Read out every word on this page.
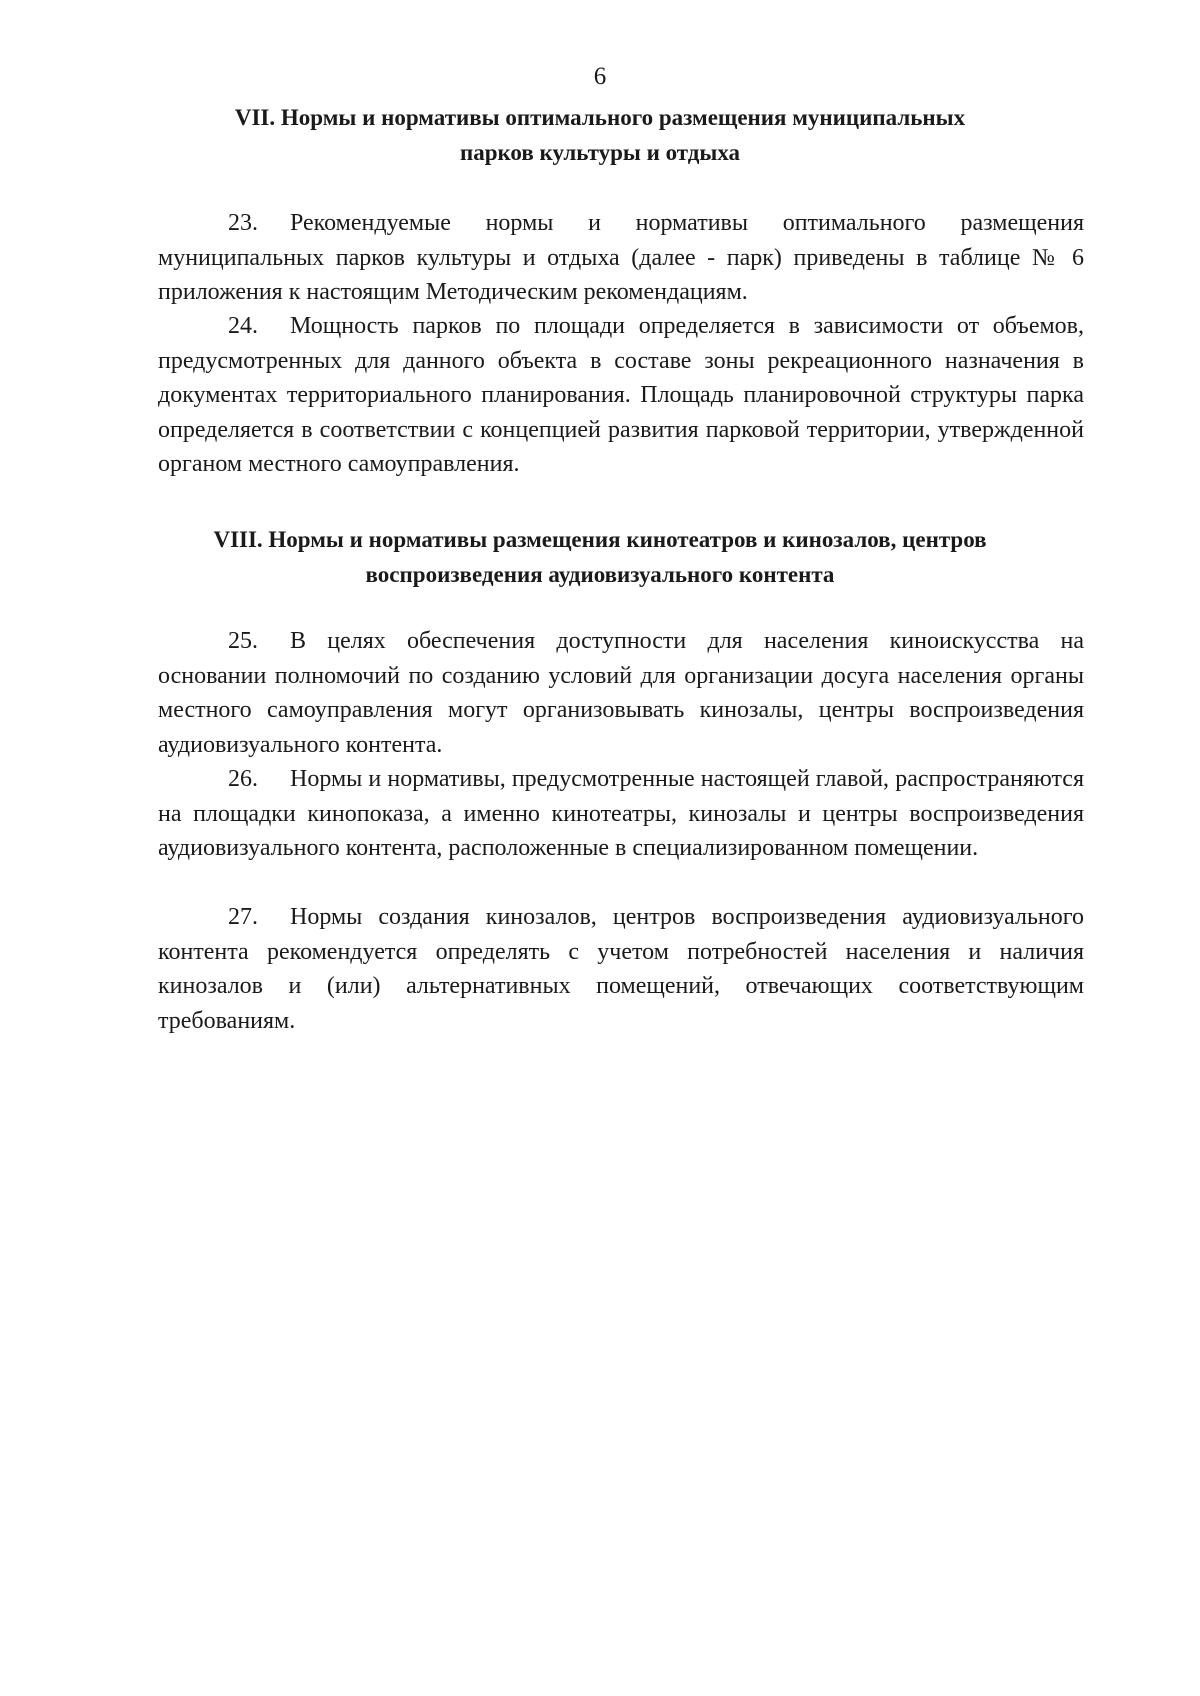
6
VII. Нормы и нормативы оптимального размещения муниципальных
парков культуры и отдыха

23. Рекомендуемые нормы и нормативы оптимального размещения муниципальных парков культуры и отдыха (далее - парк) приведены в таблице № 6 приложения к настоящим Методическим рекомендациям.

24. Мощность парков по площади определяется в зависимости от объемов, предусмотренных для данного объекта в составе зоны рекреационного назначения в документах территориального планирования. Площадь планировочной структуры парка определяется в соответствии с концепцией развития парковой территории, утвержденной органом местного самоуправления.

VIII. Нормы и нормативы размещения кинотеатров и кинозалов, центров
воспроизведения аудиовизуального контента

25. В целях обеспечения доступности для населения киноискусства на основании полномочий по созданию условий для организации досуга населения органы местного самоуправления могут организовывать кинозалы, центры воспроизведения аудиовизуального контента.

26. Нормы и нормативы, предусмотренные настоящей главой, распространяются на площадки кинопоказа, а именно кинотеатры, кинозалы и центры воспроизведения аудиовизуального контента, расположенные в специализированном помещении.

27. Нормы создания кинозалов, центров воспроизведения аудиовизуального контента рекомендуется определять с учетом потребностей населения и наличия кинозалов и (или) альтернативных помещений, отвечающих соответствующим требованиям.
